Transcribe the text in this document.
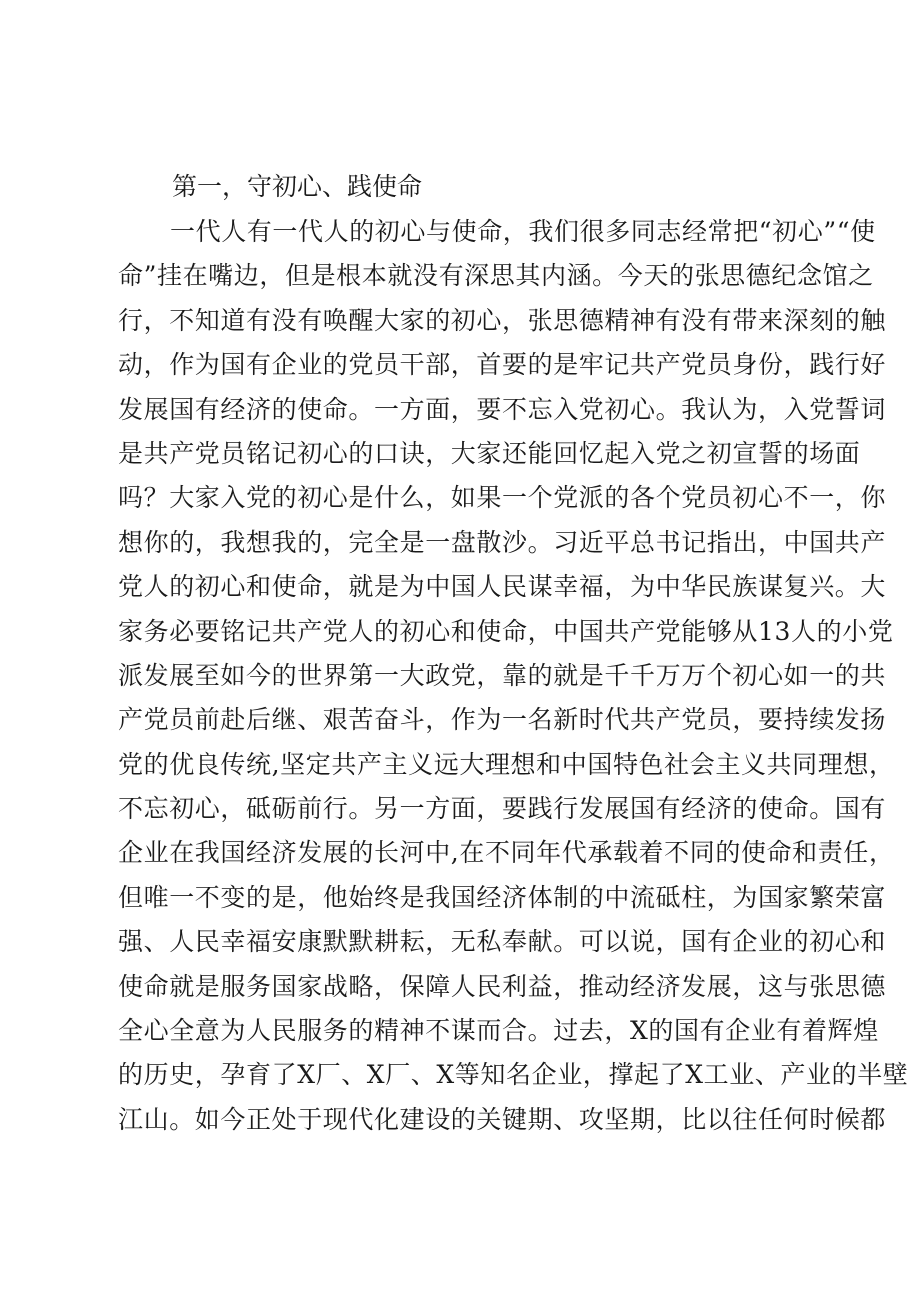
第一，守初心、践使命
一代人有一代人的初心与使命，我们很多同志经常把“初心”“使
命”挂在嘴边，但是根本就没有深思其内涵。今天的张思德纪念馆之
行，不知道有没有唤醒大家的初心，张思德精神有没有带来深刻的触
动，作为国有企业的党员干部，首要的是牢记共产党员身份，践行好
发展国有经济的使命。一方面，要不忘入党初心。我认为，入党誓词
是共产党员铭记初心的口诀，大家还能回忆起入党之初宣誓的场面
吗？大家入党的初心是什么，如果一个党派的各个党员初心不一，你
想你的，我想我的，完全是一盘散沙。习近平总书记指出，中国共产
党人的初心和使命，就是为中国人民谋幸福，为中华民族谋复兴。大
家务必要铭记共产党人的初心和使命，中国共产党能够从13人的小党
派发展至如今的世界第一大政党，靠的就是千千万万个初心如一的共
产党员前赴后继、艰苦奋斗，作为一名新时代共产党员，要持续发扬
党的优良传统,坚定共产主义远大理想和中国特色社会主义共同理想，
不忘初心，砥砺前行。另一方面，要践行发展国有经济的使命。国有
企业在我国经济发展的长河中,在不同年代承载着不同的使命和责任，
但唯一不变的是，他始终是我国经济体制的中流砥柱，为国家繁荣富
强、人民幸福安康默默耕耘，无私奉献。可以说，国有企业的初心和
使命就是服务国家战略，保障人民利益，推动经济发展，这与张思德
全心全意为人民服务的精神不谋而合。过去，X的国有企业有着辉煌
的历史，孕育了X厂、X厂、X等知名企业，撑起了X工业、产业的半壁
江山。如今正处于现代化建设的关键期、攻坚期，比以往任何时候都
